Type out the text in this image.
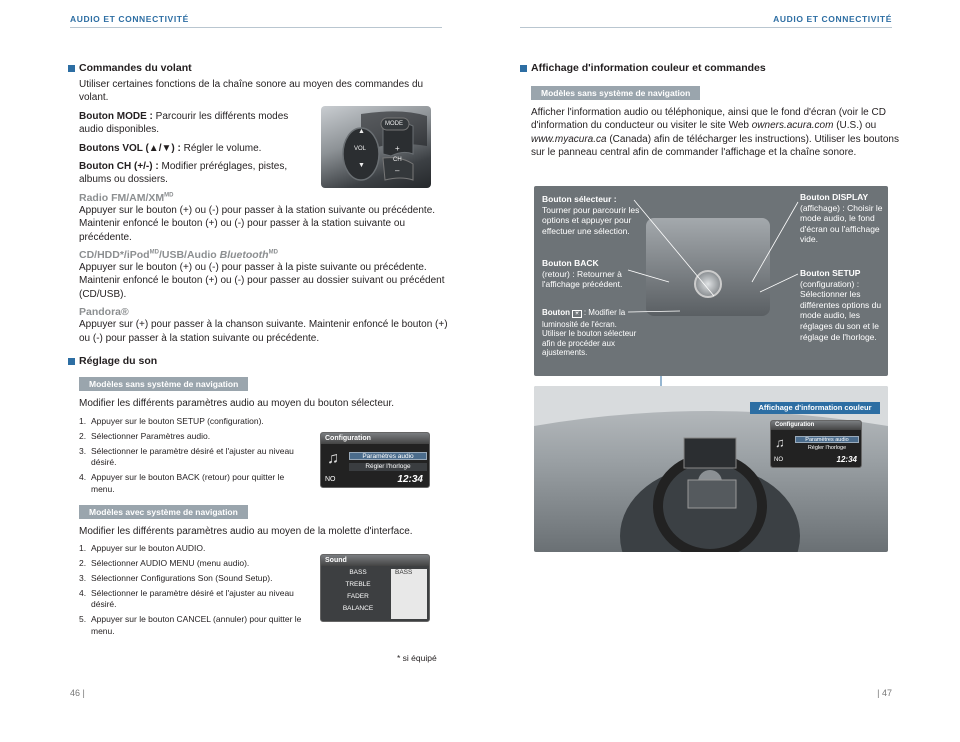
AUDIO ET CONNECTIVITÉ	AUDIO ET CONNECTIVITÉ
Commandes du volant

Utiliser certaines fonctions de la chaîne sonore au moyen des commandes du volant.

Bouton MODE : Parcourir les différents modes audio disponibles.

Boutons VOL (▲/▼) : Régler le volume.

Bouton CH (+/-) : Modifier préréglages, pistes, albums ou dossiers.

Radio $FM/AM/XM^{MD}$

Appuyer sur le bouton (+) ou (-) pour passer à la station suivante ou précédente. Maintenir enfoncé le bouton (+) ou (-) pour passer à la station suivante ou précédente.

CD/HDD*/iPod$^{MD}$/USB/Audio Bluetooth$^{MD}$

Appuyer sur le bouton (+) ou (-) pour passer à la piste suivante ou précédente. Maintenir enfoncé le bouton (+) ou (-) pour passer au dossier suivant ou précédent (CD/USB).

Pandora®

Appuyer sur (+) pour passer à la chanson suivante. Maintenir enfoncé le bouton (+) ou (-) pour passer à la station suivante ou précédente.

Réglage du son
Modèles sans système de navigation

Modifier les différents paramètres audio au moyen du bouton sélecteur.

1. Appuyer sur le bouton SETUP (configuration).
2. Sélectionner Paramètres audio.
3. Sélectionner le paramètre désiré et l'ajuster au niveau désiré.
4. Appuyer sur le bouton BACK (retour) pour quitter le menu.
Modèles avec système de navigation

Modifier les différents paramètres audio au moyen de la molette d'interface.

1. Appuyer sur le bouton AUDIO.
2. Sélectionner AUDIO MENU (menu audio).
3. Sélectionner Configurations Son (Sound Setup).
4. Sélectionner le paramètre désiré et l'ajuster au niveau désiré.
5. Appuyer sur le bouton CANCEL (annuler) pour quitter le menu.
MODE
▲
VOL
▼
+
CH
–
Configuration
♫	Paramètres audio
Régler l'horloge
NO	12:34
Sound
BASS
TREBLE
FADER
BALANCE
BASS
* si équipé
46 |
Affichage d'information couleur et commandes
Modèles sans système de navigation

Afficher l'information audio ou téléphonique, ainsi que le fond d'écran (voir le CD d'information du conducteur ou visiter le site Web owners.acura.com (U.S.) ou www.myacura.ca (Canada) afin de télécharger les instructions). Utiliser les boutons sur le panneau central afin de commander l'affichage et la chaîne sonore.

Bouton sélecteur :
Tourner pour parcourir les options et appuyer pour effectuer une sélection.
Bouton BACK
(retour) : Retourner à l'affichage précédent.
Bouton ☀ : Modifier la luminosité de l'écran. Utiliser le bouton sélecteur afin de procéder aux ajustements.
Bouton DISPLAY
(affichage) : Choisir le mode audio, le fond d'écran ou l'affichage vide.
Bouton SETUP
(configuration) : Sélectionner les différentes options du mode audio, les réglages du son et le réglage de l'horloge.
Affichage d'information couleur
Configuration
♫	Paramètres audio
Régler l'horloge
NO	12:34
| 47
